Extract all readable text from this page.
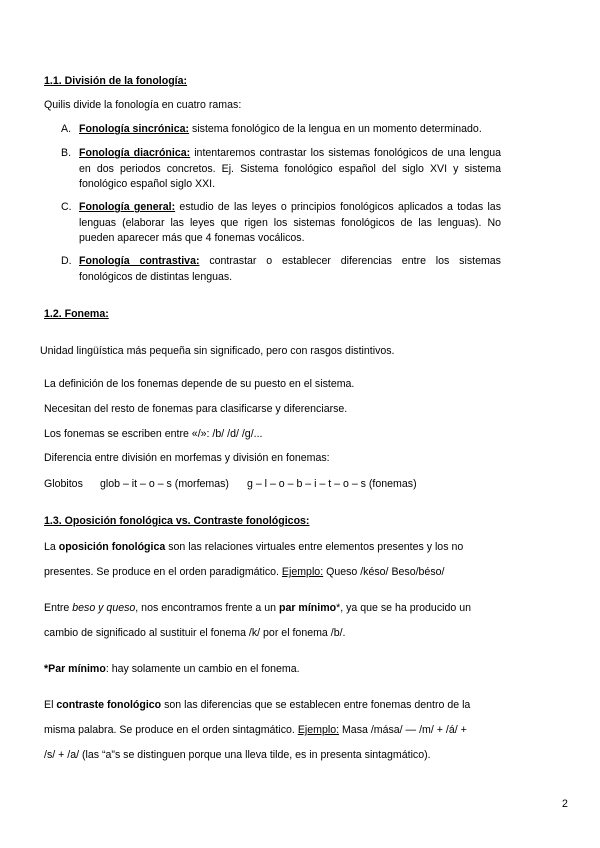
1.1. División de la fonología:
Quilis divide la fonología en cuatro ramas:
A. Fonología sincrónica: sistema fonológico de la lengua en un momento determinado.
B. Fonología diacrónica: intentaremos contrastar los sistemas fonológicos de una lengua en dos periodos concretos. Ej. Sistema fonológico español del siglo XVI y sistema fonológico español siglo XXI.
C. Fonología general: estudio de las leyes o principios fonológicos aplicados a todas las lenguas (elaborar las leyes que rigen los sistemas fonológicos de las lenguas). No pueden aparecer más que 4 fonemas vocálicos.
D. Fonología contrastiva: contrastar o establecer diferencias entre los sistemas fonológicos de distintas lenguas.
1.2. Fonema:
Unidad lingüística más pequeña sin significado, pero con rasgos distintivos.
La definición de los fonemas depende de su puesto en el sistema.
Necesitan del resto de fonemas para clasificarse y diferenciarse.
Los fonemas se escriben entre «/»: /b/ /d/ /g/...
Diferencia entre división en morfemas y división en fonemas:
Globitos glob – it – o – s (morfemas) g – l – o – b – i – t – o – s (fonemas)
1.3. Oposición fonológica vs. Contraste fonológicos:
La oposición fonológica son las relaciones virtuales entre elementos presentes y los no
presentes. Se produce en el orden paradigmático. Ejemplo: Queso /késo/ Beso/béso/
Entre beso y queso, nos encontramos frente a un par mínimo*, ya que se ha producido un
cambio de significado al sustituir el fonema /k/ por el fonema /b/.
*Par mínimo: hay solamente un cambio en el fonema.
El contraste fonológico son las diferencias que se establecen entre fonemas dentro de la
misma palabra. Se produce en el orden sintagmático. Ejemplo: Masa /mása/ — /m/ + /á/ +
/s/ + /a/ (las “a”s se distinguen porque una lleva tilde, es in presenta sintagmático).
2
